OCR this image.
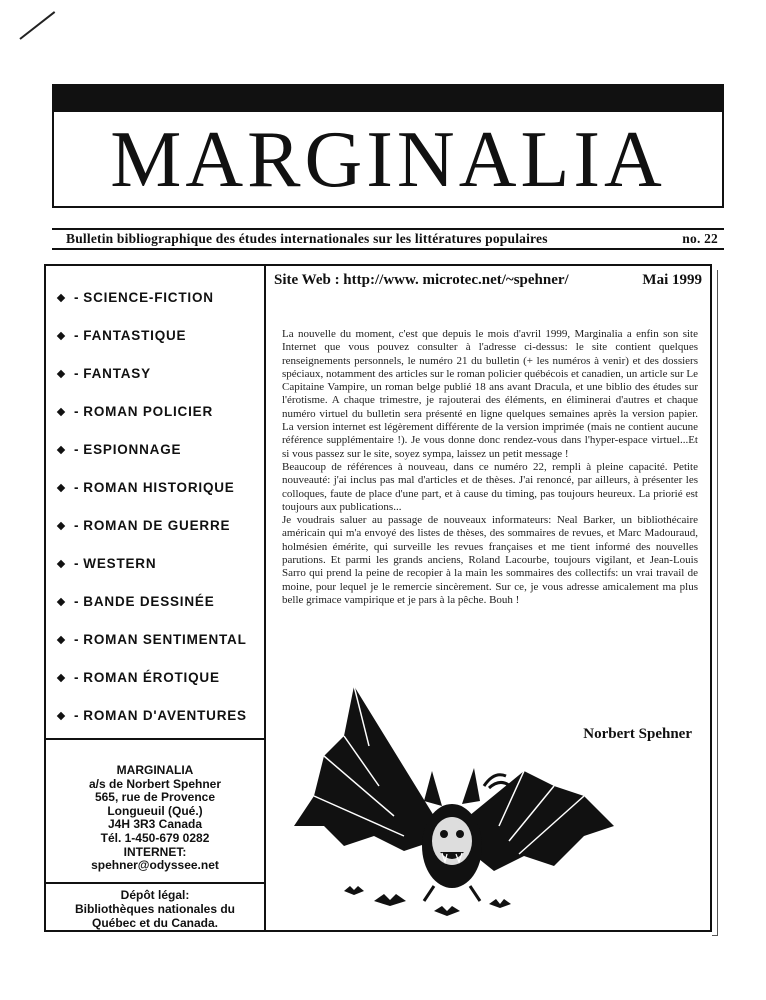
MARGINALIA
Bulletin bibliographique des études internationales sur les littératures populaires	no. 22
- SCIENCE-FICTION
- FANTASTIQUE
- FANTASY
- ROMAN POLICIER
- ESPIONNAGE
- ROMAN HISTORIQUE
- ROMAN DE GUERRE
- WESTERN
- BANDE DESSINÉE
- ROMAN SENTIMENTAL
- ROMAN ÉROTIQUE
- ROMAN D'AVENTURES
MARGINALIA
a/s de Norbert Spehner
565, rue de Provence
Longueuil (Qué.)
J4H 3R3 Canada
Tél. 1-450-679 0282
INTERNET:
spehner@odyssee.net
Dépôt légal:
Bibliothèques nationales du
Québec et du Canada.
Site Web : http://www. microtec.net/~spehner/	Mai 1999

La nouvelle du moment, c'est que depuis le mois d'avril 1999, Marginalia a enfin son site Internet que vous pouvez consulter à l'adresse ci-dessus: le site contient quelques renseignements personnels, le numéro 21 du bulletin (+ les numéros à venir) et des dossiers spéciaux, notamment des articles sur le roman policier québécois et canadien, un article sur Le Capitaine Vampire, un roman belge publié 18 ans avant Dracula, et une biblio des études sur l'érotisme. A chaque trimestre, je rajouterai des éléments, en éliminerai d'autres et chaque numéro virtuel du bulletin sera présenté en ligne quelques semaines après la version papier. La version internet est légèrement différente de la version imprimée (mais ne contient aucune référence supplémentaire !). Je vous donne donc rendez-vous dans l'hyper-espace virtuel...Et si vous passez sur le site, soyez sympa, laissez un petit message !

Beaucoup de références à nouveau, dans ce numéro 22, rempli à pleine capacité. Petite nouveauté: j'ai inclus pas mal d'articles et de thèses. J'ai renoncé, par ailleurs, à présenter les colloques, faute de place d'une part, et à cause du timing, pas toujours heureux. La priorié est toujours aux publications...

Je voudrais saluer au passage de nouveaux informateurs: Neal Barker, un bibliothécaire américain qui m'a envoyé des listes de thèses, des sommaires de revues, et Marc Madouraud, holmésien émérite, qui surveille les revues françaises et me tient informé des nouvelles parutions. Et parmi les grands anciens, Roland Lacourbe, toujours vigilant, et Jean-Louis Sarro qui prend la peine de recopier à la main les sommaires des collectifs: un vrai travail de moine, pour lequel je le remercie sincèrement. Sur ce, je vous adresse amicalement ma plus belle grimace vampirique et je pars à la pêche. Bouh !

Norbert Spehner
